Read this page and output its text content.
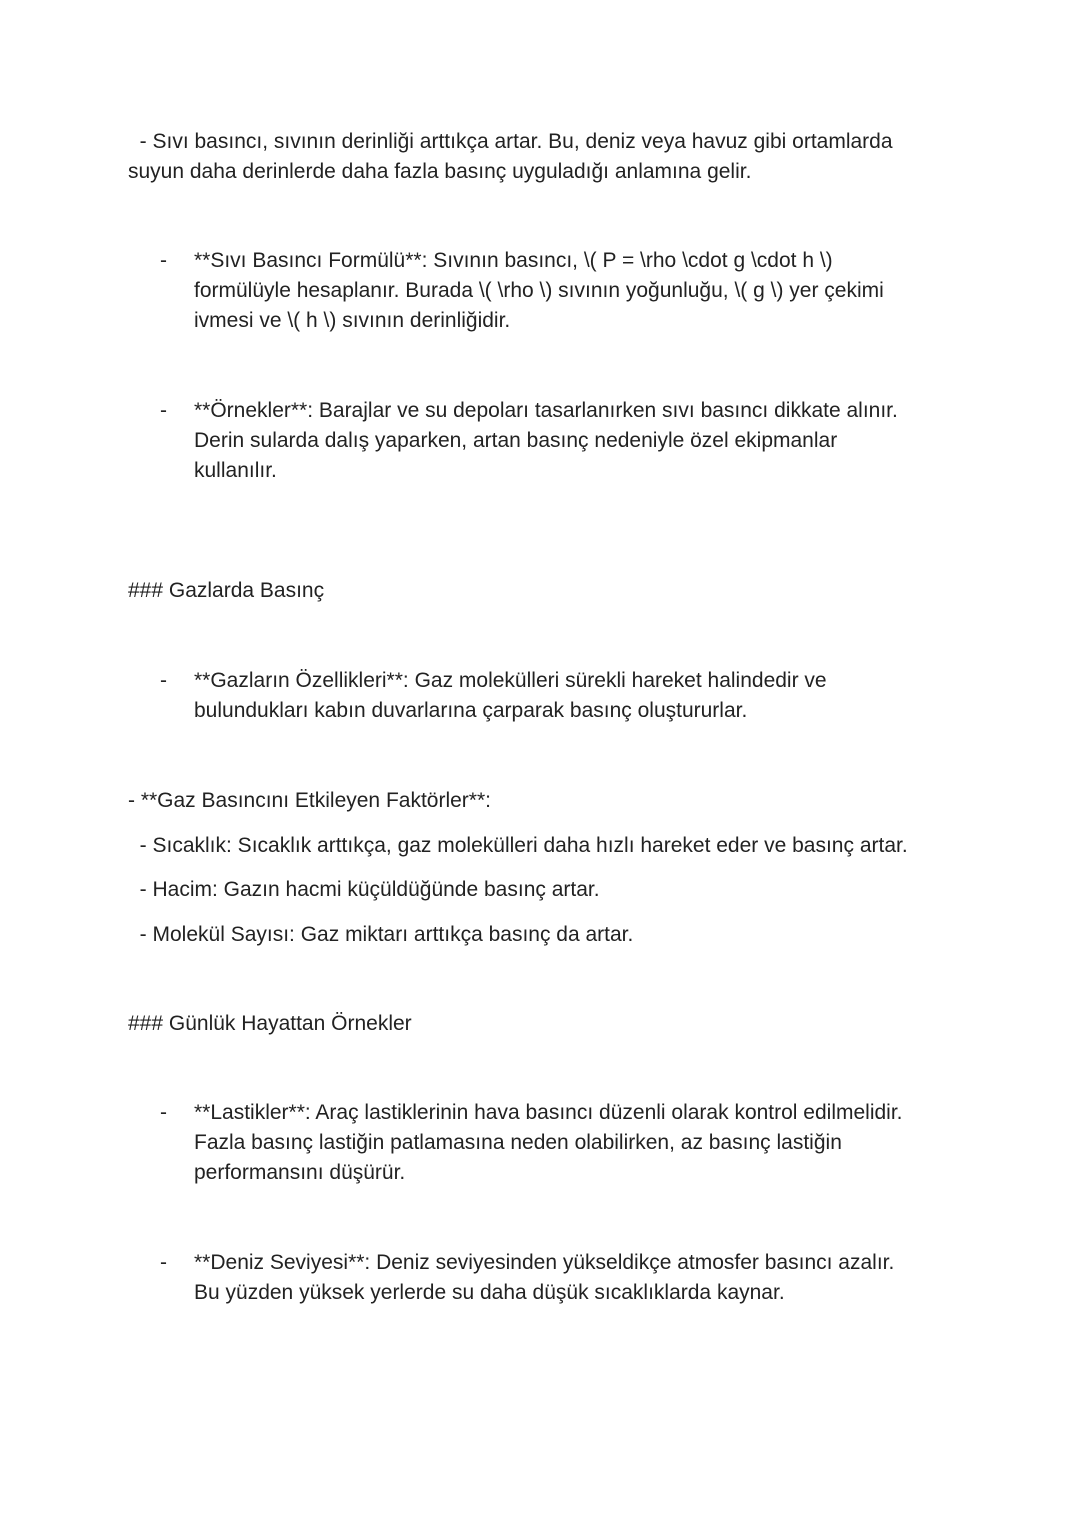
- Sıvı basıncı, sıvının derinliği arttıkça artar. Bu, deniz veya havuz gibi ortamlarda
suyun daha derinlerde daha fazla basınç uyguladığı anlamına gelir.
- **Sıvı Basıncı Formülü**: Sıvının basıncı, \( P = \rho \cdot g \cdot h \)
formülüyle hesaplanır. Burada \( \rho \) sıvının yoğunluğu, \( g \) yer çekimi
ivmesi ve \( h \) sıvının derinliğidir.
- **Örnekler**: Barajlar ve su depoları tasarlanırken sıvı basıncı dikkate alınır.
Derin sularda dalış yaparken, artan basınç nedeniyle özel ekipmanlar
kullanılır.
### Gazlarda Basınç
- **Gazların Özellikleri**: Gaz molekülleri sürekli hareket halindedir ve
bulundukları kabın duvarlarına çarparak basınç oluştururlar.
- **Gaz Basıncını Etkileyen Faktörler**:
- Sıcaklık: Sıcaklık arttıkça, gaz molekülleri daha hızlı hareket eder ve basınç artar.
- Hacim: Gazın hacmi küçüldüğünde basınç artar.
- Molekül Sayısı: Gaz miktarı arttıkça basınç da artar.
### Günlük Hayattan Örnekler
- **Lastikler**: Araç lastiklerinin hava basıncı düzenli olarak kontrol edilmelidir.
Fazla basınç lastiğin patlamasına neden olabilirken, az basınç lastiğin
performansını düşürür.
- **Deniz Seviyesi**: Deniz seviyesinden yükseldikçe atmosfer basıncı azalır.
Bu yüzden yüksek yerlerde su daha düşük sıcaklıklarda kaynar.
